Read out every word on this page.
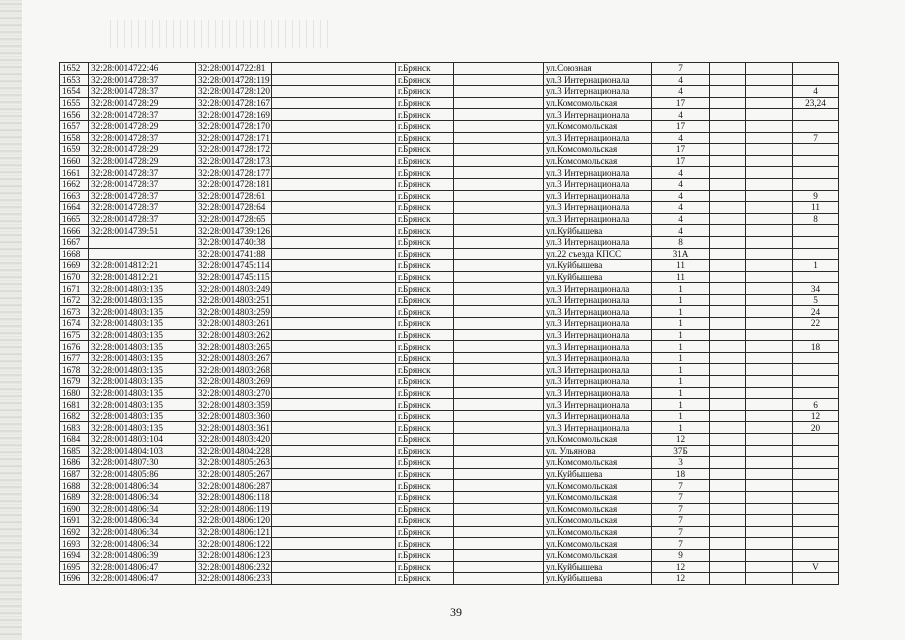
1652	32:28:0014722:46	32:28:0014722:81		г.Брянск		ул.Союзная	7			
1653	32:28:0014728:37	32:28:0014728:119		г.Брянск		ул.3 Интернационала	4			
1654	32:28:0014728:37	32:28:0014728:120		г.Брянск		ул.3 Интернационала	4			4
1655	32:28:0014728:29	32:28:0014728:167		г.Брянск		ул.Комсомольская	17			23,24
1656	32:28:0014728:37	32:28:0014728:169		г.Брянск		ул.3 Интернационала	4			
1657	32:28:0014728:29	32:28:0014728:170		г.Брянск		ул.Комсомольская	17			
1658	32:28:0014728:37	32:28:0014728:171		г.Брянск		ул.3 Интернационала	4			7
1659	32:28:0014728:29	32:28:0014728:172		г.Брянск		ул.Комсомольская	17			
1660	32:28:0014728:29	32:28:0014728:173		г.Брянск		ул.Комсомольская	17			
1661	32:28:0014728:37	32:28:0014728:177		г.Брянск		ул.3 Интернационала	4			
1662	32:28:0014728:37	32:28:0014728:181		г.Брянск		ул.3 Интернационала	4			
1663	32:28:0014728:37	32:28:0014728:61		г.Брянск		ул.3 Интернационала	4			9
1664	32:28:0014728:37	32:28:0014728:64		г.Брянск		ул.3 Интернационала	4			11
1665	32:28:0014728:37	32:28:0014728:65		г.Брянск		ул.3 Интернационала	4			8
1666	32:28:0014739:51	32:28:0014739:126		г.Брянск		ул.Куйбышева	4			
1667		32:28:0014740:38		г.Брянск		ул.3 Интернационала	8			
1668		32:28:0014741:88		г.Брянск		ул.22 съезда КПСС	31А			
1669	32:28:0014812:21	32:28:0014745:114		г.Брянск		ул.Куйбышева	11			1
1670	32:28:0014812:21	32:28:0014745:115		г.Брянск		ул.Куйбышева	11			
1671	32:28:0014803:135	32:28:0014803:249		г.Брянск		ул.3 Интернационала	1			34
1672	32:28:0014803:135	32:28:0014803:251		г.Брянск		ул.3 Интернационала	1			5
1673	32:28:0014803:135	32:28:0014803:259		г.Брянск		ул.3 Интернационала	1			24
1674	32:28:0014803:135	32:28:0014803:261		г.Брянск		ул.3 Интернационала	1			22
1675	32:28:0014803:135	32:28:0014803:262		г.Брянск		ул.3 Интернационала	1			
1676	32:28:0014803:135	32:28:0014803:265		г.Брянск		ул.3 Интернационала	1			18
1677	32:28:0014803:135	32:28:0014803:267		г.Брянск		ул.3 Интернационала	1			
1678	32:28:0014803:135	32:28:0014803:268		г.Брянск		ул.3 Интернационала	1			
1679	32:28:0014803:135	32:28:0014803:269		г.Брянск		ул.3 Интернационала	1			
1680	32:28:0014803:135	32:28:0014803:270		г.Брянск		ул.3 Интернационала	1			
1681	32:28:0014803:135	32:28:0014803:359		г.Брянск		ул.3 Интернационала	1			6
1682	32:28:0014803:135	32:28:0014803:360		г.Брянск		ул.3 Интернационала	1			12
1683	32:28:0014803:135	32:28:0014803:361		г.Брянск		ул.3 Интернационала	1			20
1684	32:28:0014803:104	32:28:0014803:420		г.Брянск		ул.Комсомольская	12			
1685	32:28:0014804:103	32:28:0014804:228		г.Брянск		ул. Ульянова	37Б			
1686	32:28:0014807:30	32:28:0014805:263		г.Брянск		ул.Комсомольская	3			
1687	32:28:0014805:86	32:28:0014805:267		г.Брянск		ул.Куйбышева	18			
1688	32:28:0014806:34	32:28:0014806:287		г.Брянск		ул.Комсомольская	7			
1689	32:28:0014806:34	32:28:0014806:118		г.Брянск		ул.Комсомольская	7			
1690	32:28:0014806:34	32:28:0014806:119		г.Брянск		ул.Комсомольская	7			
1691	32:28:0014806:34	32:28:0014806:120		г.Брянск		ул.Комсомольская	7			
1692	32:28:0014806:34	32:28:0014806:121		г.Брянск		ул.Комсомольская	7			
1693	32:28:0014806:34	32:28:0014806:122		г.Брянск		ул.Комсомольская	7			
1694	32:28:0014806:39	32:28:0014806:123		г.Брянск		ул.Комсомольская	9			
1695	32:28:0014806:47	32:28:0014806:232		г.Брянск		ул.Куйбышева	12			V
1696	32:28:0014806:47	32:28:0014806:233		г.Брянск		ул.Куйбышева	12			
39
